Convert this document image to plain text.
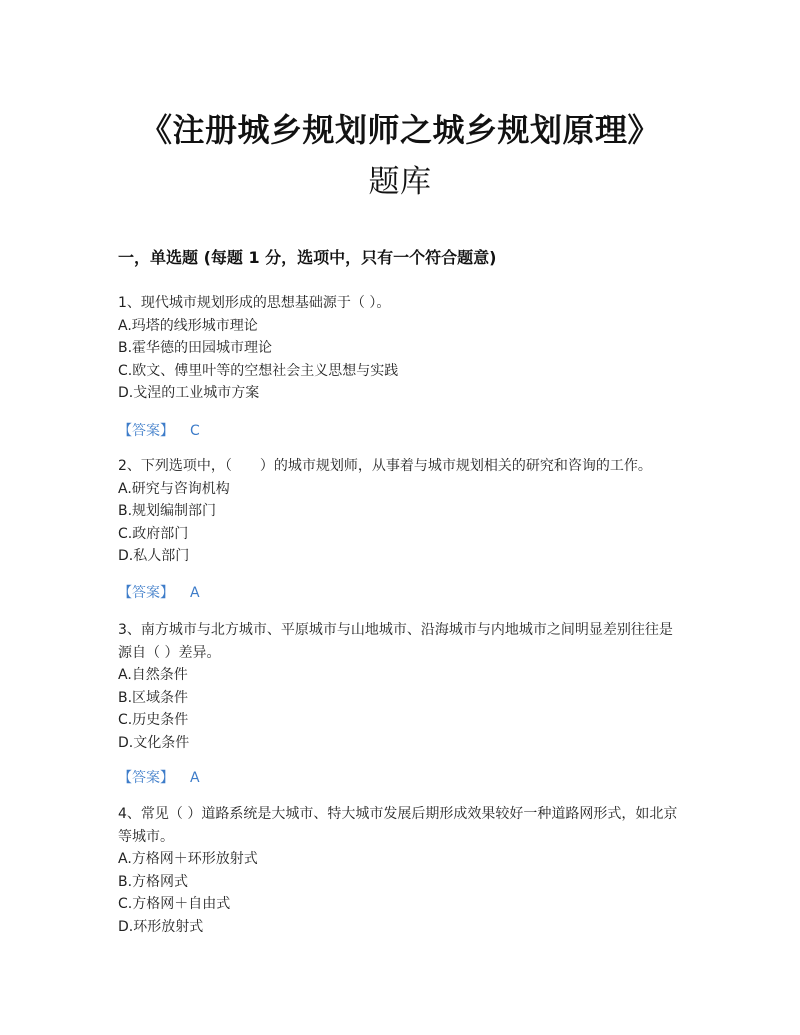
《注册城乡规划师之城乡规划原理》
题库
一，单选题 (每题 1 分，选项中，只有一个符合题意)
1、现代城市规划形成的思想基础源于（ ）。
A.玛塔的线形城市理论
B.霍华德的田园城市理论
C.欧文、傅里叶等的空想社会主义思想与实践
D.戈涅的工业城市方案
【答案】 C
2、下列选项中，（　　）的城市规划师，从事着与城市规划相关的研究和咨询的工作。
A.研究与咨询机构
B.规划编制部门
C.政府部门
D.私人部门
【答案】 A
3、南方城市与北方城市、平原城市与山地城市、沿海城市与内地城市之间明显差别往往是源自（ ）差异。
A.自然条件
B.区域条件
C.历史条件
D.文化条件
【答案】 A
4、常见（ ）道路系统是大城市、特大城市发展后期形成效果较好一种道路网形式，如北京等城市。
A.方格网＋环形放射式
B.方格网式
C.方格网＋自由式
D.环形放射式
